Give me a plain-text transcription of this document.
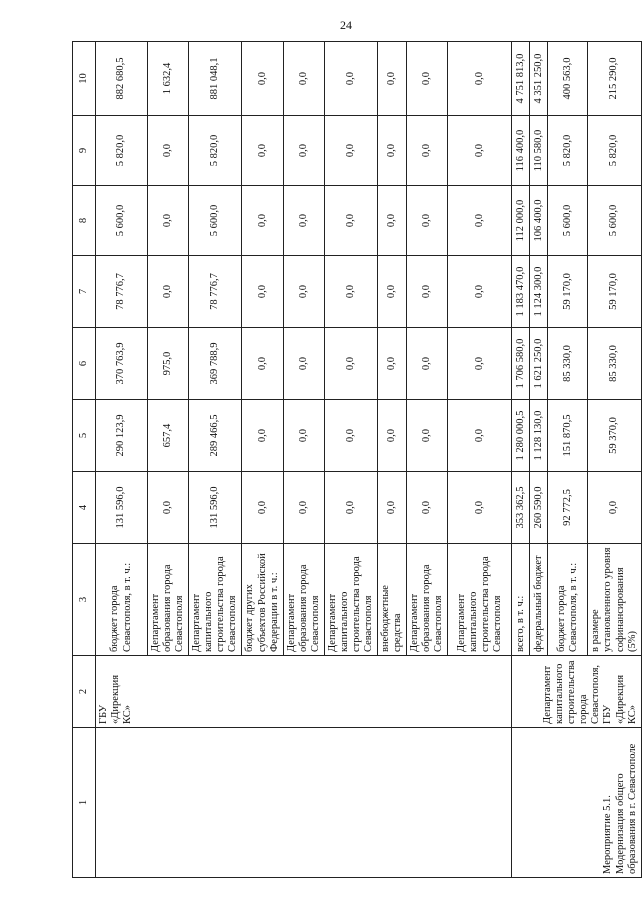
24
1	2	3	4	5	6	7	8	9	10
	ГБУ «Дирекция КС»	бюджет города Севастополя, в т. ч.:	131 596,0	290 123,9	370 763,9	78 776,7	5 600,0	5 820,0	882 680,5
		Департамент образования города Севастополя	0,0	657,4	975,0	0,0	0,0	0,0	1 632,4
		Департамент капитального строительства города Севастополя	131 596,0	289 466,5	369 788,9	78 776,7	5 600,0	5 820,0	881 048,1
		бюджет других субъектов Российской Федерации в т. ч.:	0,0	0,0	0,0	0,0	0,0	0,0	0,0
		Департамент образования города Севастополя	0,0	0,0	0,0	0,0	0,0	0,0	0,0
		Департамент капитального строительства города Севастополя	0,0	0,0	0,0	0,0	0,0	0,0	0,0
		внебюджетные средства	0,0	0,0	0,0	0,0	0,0	0,0	0,0
		Департамент образования города Севастополя	0,0	0,0	0,0	0,0	0,0	0,0	0,0
		Департамент капитального строительства города Севастополя	0,0	0,0	0,0	0,0	0,0	0,0	0,0
Мероприятие 5.1. Модернизация общего образования в г. Севастополе	Департамент капитального строительства города Севастополя, ГБУ «Дирекция КС»	всего, в т. ч.:	353 362,5	1 280 000,5	1 706 580,0	1 183 470,0	112 000,0	116 400,0	4 751 813,0
		федеральный бюджет	260 590,0	1 128 130,0	1 621 250,0	1 124 300,0	106 400,0	110 580,0	4 351 250,0
		бюджет города Севастополя, в т. ч.:	92 772,5	151 870,5	85 330,0	59 170,0	5 600,0	5 820,0	400 563,0
		в размере установленного уровня софинансирования (5%)	0,0	59 370,0	85 330,0	59 170,0	5 600,0	5 820,0	215 290,0
